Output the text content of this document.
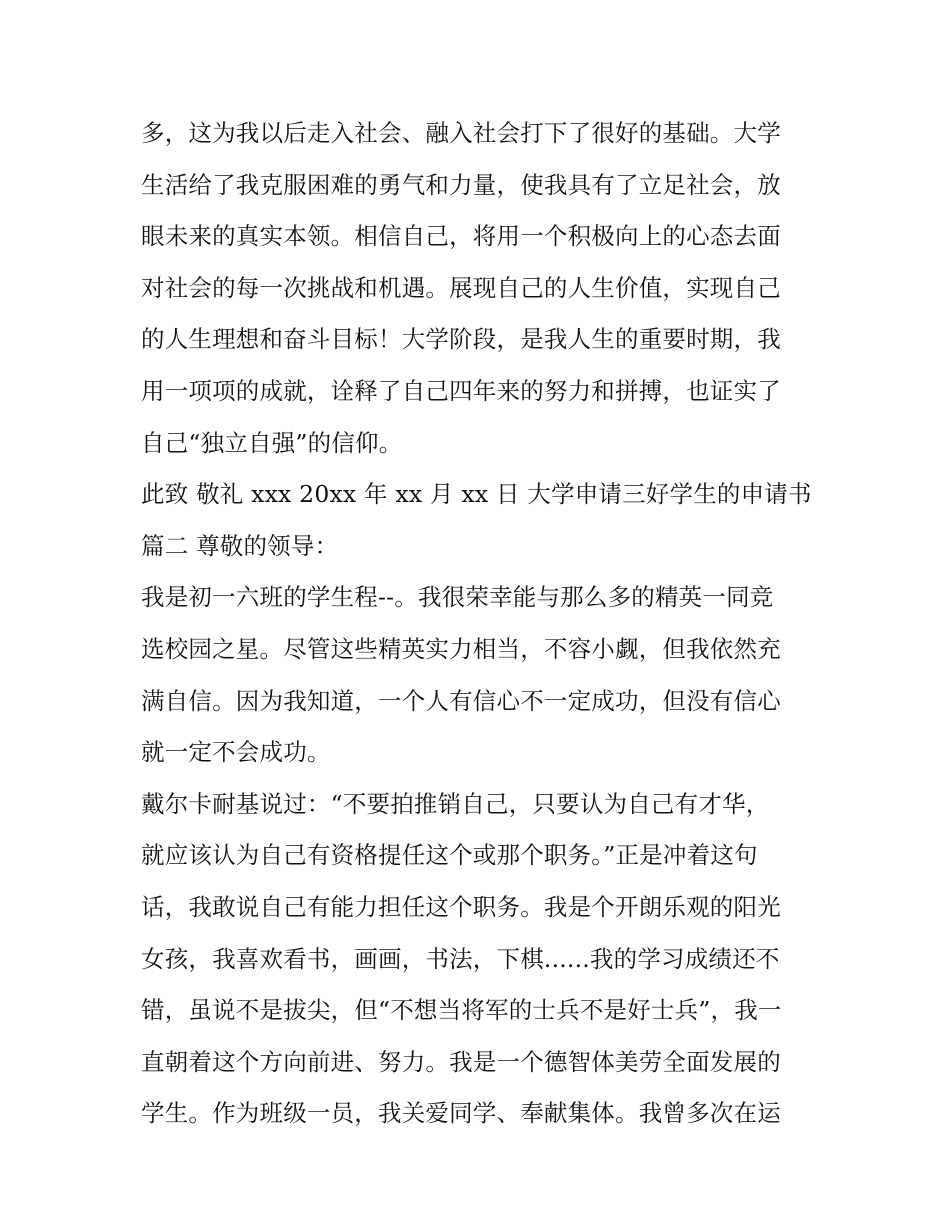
多，这为我以后走入社会、融入社会打下了很好的基础。大学
生活给了我克服困难的勇气和力量，使我具有了立足社会，放
眼未来的真实本领。相信自己，将用一个积极向上的心态去面
对社会的每一次挑战和机遇。展现自己的人生价值，实现自己
的人生理想和奋斗目标！大学阶段，是我人生的重要时期，我
用一项项的成就，诠释了自己四年来的努力和拼搏，也证实了
自己“独立自强”的信仰。
此致 敬礼 xxx 20xx 年 xx 月 xx 日 大学申请三好学生的申请书
篇二 尊敬的领导：
我是初一六班的学生程--。我很荣幸能与那么多的精英一同竞
选校园之星。尽管这些精英实力相当，不容小觑，但我依然充
满自信。因为我知道，一个人有信心不一定成功，但没有信心
就一定不会成功。
戴尔卡耐基说过：“不要拍推销自己，只要认为自己有才华，
就应该认为自己有资格提任这个或那个职务。”正是冲着这句
话，我敢说自己有能力担任这个职务。我是个开朗乐观的阳光
女孩，我喜欢看书，画画，书法，下棋......我的学习成绩还不
错，虽说不是拔尖，但“不想当将军的士兵不是好士兵”，我一
直朝着这个方向前进、努力。我是一个德智体美劳全面发展的
学生。作为班级一员，我关爱同学、奉献集体。我曾多次在运
